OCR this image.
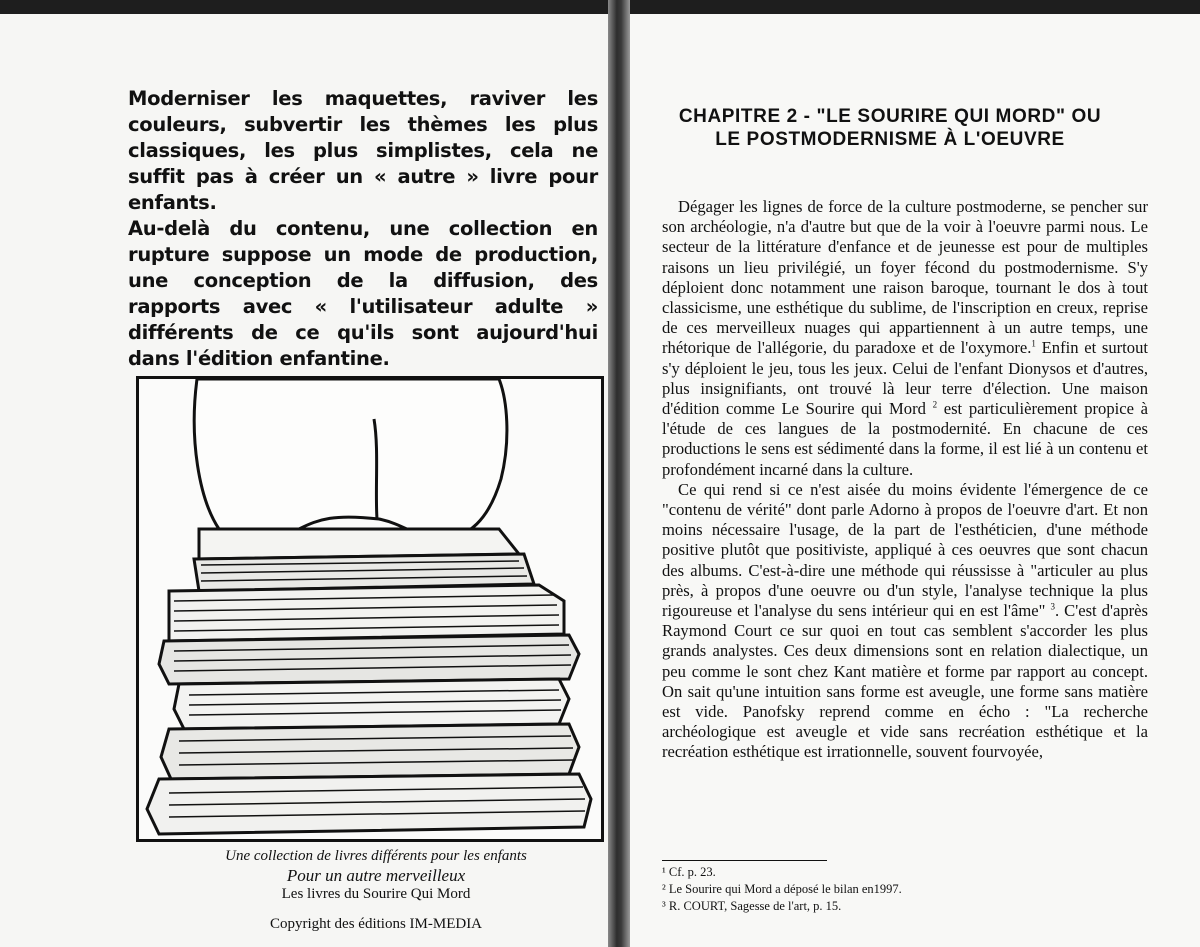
Moderniser les maquettes, raviver les couleurs, subvertir les thèmes les plus classiques, les plus simplistes, cela ne suffit pas à créer un « autre » livre pour enfants.

Au-delà du contenu, une collection en rupture suppose un mode de production, une conception de la diffusion, des rapports avec « l'utilisateur adulte » différents de ce qu'ils sont aujourd'hui dans l'édition enfantine.

Une collection de livres différents pour les enfants
Pour un autre merveilleux
Les livres du Sourire Qui Mord
Copyright des éditions IM-MEDIA
CHAPITRE 2 - "LE SOURIRE QUI MORD" OU
LE POSTMODERNISME À L'OEUVRE

Dégager les lignes de force de la culture postmoderne, se pencher sur son archéologie, n'a d'autre but que de la voir à l'oeuvre parmi nous. Le secteur de la littérature d'enfance et de jeunesse est pour de multiples raisons un lieu privilégié, un foyer fécond du postmodernisme. S'y déploient donc notamment une raison baroque, tournant le dos à tout classicisme, une esthétique du sublime, de l'inscription en creux, reprise de ces merveilleux nuages qui appartiennent à un autre temps, une rhétorique de l'allégorie, du paradoxe et de l'oxymore.$^1$ Enfin et surtout s'y déploient le jeu, tous les jeux. Celui de l'enfant Dionysos et d'autres, plus insignifiants, ont trouvé là leur terre d'élection. Une maison d'édition comme Le Sourire qui Mord $^2$ est particulièrement propice à l'étude de ces langues de la postmodernité. En chacune de ces productions le sens est sédimenté dans la forme, il est lié à un contenu et profondément incarné dans la culture.

Ce qui rend si ce n'est aisée du moins évidente l'émergence de ce "contenu de vérité" dont parle Adorno à propos de l'oeuvre d'art. Et non moins nécessaire l'usage, de la part de l'esthéticien, d'une méthode positive plutôt que positiviste, appliqué à ces oeuvres que sont chacun des albums. C'est-à-dire une méthode qui réussisse à "articuler au plus près, à propos d'une oeuvre ou d'un style, l'analyse technique la plus rigoureuse et l'analyse du sens intérieur qui en est l'âme" $^3$. C'est d'après Raymond Court ce sur quoi en tout cas semblent s'accorder les plus grands analystes. Ces deux dimensions sont en relation dialectique, un peu comme le sont chez Kant matière et forme par rapport au concept. On sait qu'une intuition sans forme est aveugle, une forme sans matière est vide. Panofsky reprend comme en écho : "La recherche archéologique est aveugle et vide sans recréation esthétique et la recréation esthétique est irrationnelle, souvent fourvoyée,

¹ Cf. p. 23.
² Le Sourire qui Mord a déposé le bilan en1997.
³ R. COURT, Sagesse de l'art, p. 15.
